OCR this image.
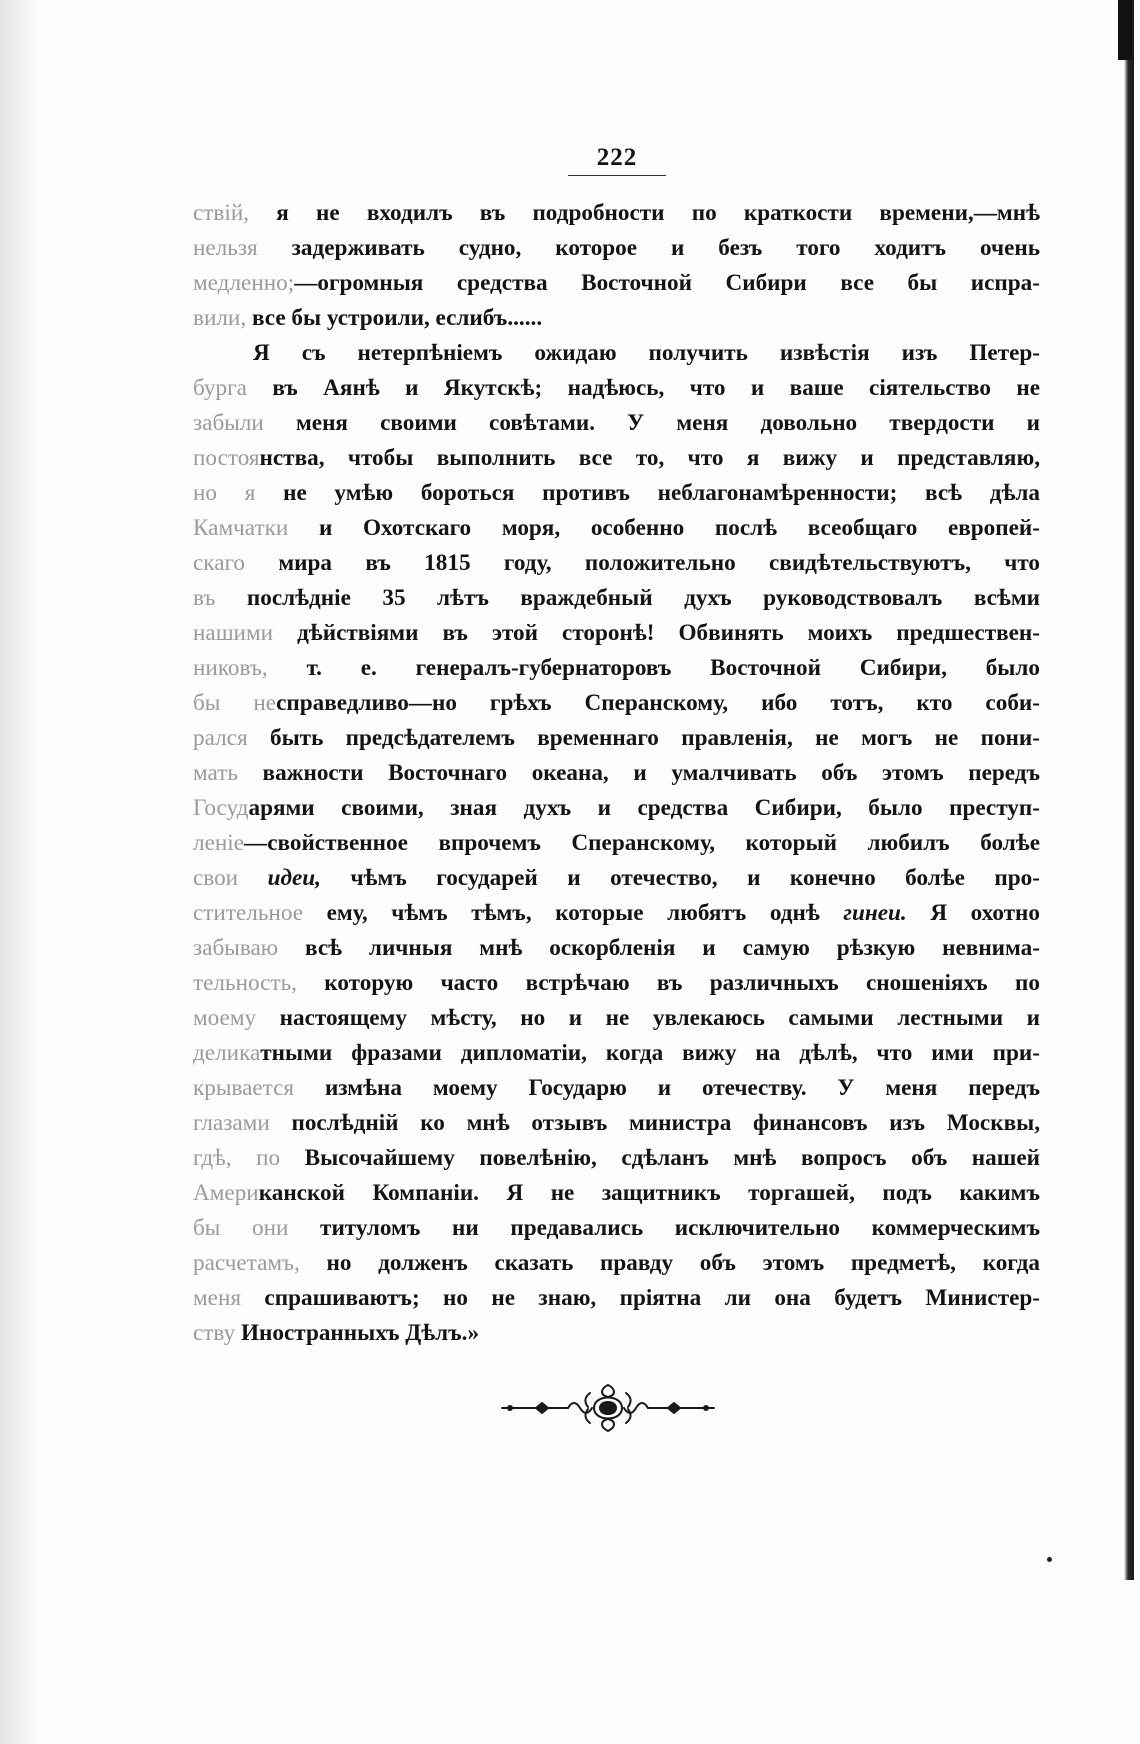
222
ствій, я не входилъ въ подробности по краткости времени,—мнѣ
нельзя задерживать судно, которое и безъ того ходитъ очень
медленно;—огромныя средства Восточной Сибири все бы испра-
вили, все бы устроили, еслибъ......
Я съ нетерпѣніемъ ожидаю получить извѣстія изъ Петер-
бурга въ Аянѣ и Якутскѣ; надѣюсь, что и ваше сіятельство не
забыли меня своими совѣтами. У меня довольно твердости и
постоянства, чтобы выполнить все то, что я вижу и представляю,
но я не умѣю бороться противъ неблагонамѣренности; всѣ дѣла
Камчатки и Охотскаго моря, особенно послѣ всеобщаго европей-
скаго мира въ 1815 году, положительно свидѣтельствуютъ, что
въ послѣдніе 35 лѣтъ враждебный духъ руководствовалъ всѣми
нашими дѣйствіями въ этой сторонѣ! Обвинять моихъ предшествен-
никовъ, т. е. генералъ-губернаторовъ Восточной Сибири, было
бы несправедливо—но грѣхъ Сперанскому, ибо тотъ, кто соби-
рался быть предсѣдателемъ временнаго правленія, не могъ не пони-
мать важности Восточнаго океана, и умалчивать объ этомъ передъ
Государями своими, зная духъ и средства Сибири, было преступ-
леніе—свойственное впрочемъ Сперанскому, который любилъ болѣе
свои идеи, чѣмъ государей и отечество, и конечно болѣе про-
стительное ему, чѣмъ тѣмъ, которые любятъ однѣ гинеи. Я охотно
забываю всѣ личныя мнѣ оскорбленія и самую рѣзкую невнима-
тельность, которую часто встрѣчаю въ различныхъ сношеніяхъ по
моему настоящему мѣсту, но и не увлекаюсь самыми лестными и
деликатными фразами дипломатіи, когда вижу на дѣлѣ, что ими при-
крывается измѣна моему Государю и отечеству. У меня передъ
глазами послѣдній ко мнѣ отзывъ министра финансовъ изъ Москвы,
гдѣ, по Высочайшему повелѣнію, сдѣланъ мнѣ вопросъ объ нашей
Американской Компаніи. Я не защитникъ торгашей, подъ какимъ
бы они титуломъ ни предавались исключительно коммерческимъ
расчетамъ, но долженъ сказать правду объ этомъ предметѣ, когда
меня спрашиваютъ; но не знаю, пріятна ли она будетъ Министер-
ству Иностранныхъ Дѣлъ.»
